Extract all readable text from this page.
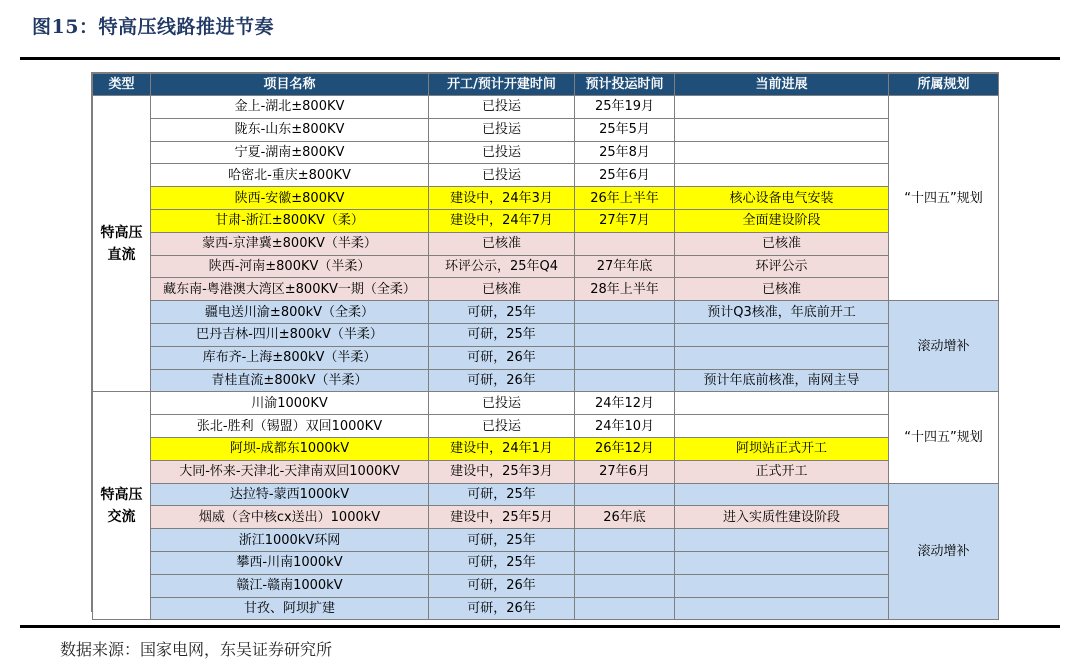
图15：特高压线路推进节奏
类型	项目名称	开工/预计开建时间	预计投运时间	当前进展	所属规划
特高压
直流	金上-湖北±800KV	已投运	25年19月		“十四五”规划
	陇东-山东±800KV	已投运	25年5月		
	宁夏-湖南±800KV	已投运	25年8月		
	哈密北-重庆±800KV	已投运	25年6月		
	陕西-安徽±800KV	建设中，24年3月	26年上半年	核心设备电气安装	
	甘肃-浙江±800KV（柔）	建设中，24年7月	27年7月	全面建设阶段	
	蒙西-京津冀±800KV（半柔）	已核准		已核准	
	陕西-河南±800KV（半柔）	环评公示，25年Q4	27年年底	环评公示	
	藏东南-粤港澳大湾区±800KV一期（全柔）	已核准	28年上半年	已核准	
	疆电送川渝±800kV（全柔）	可研，25年		预计Q3核准，年底前开工	滚动增补
	巴丹吉林-四川±800kV（半柔）	可研，25年			
	库布齐-上海±800kV（半柔）	可研，26年			
	青桂直流±800kV（半柔）	可研，26年		预计年底前核准，南网主导	
特高压
交流	川渝1000KV	已投运	24年12月		“十四五”规划
	张北-胜利（锡盟）双回1000KV	已投运	24年10月		
	阿坝-成都东1000kV	建设中，24年1月	26年12月	阿坝站正式开工	
	大同-怀来-天津北-天津南双回1000KV	建设中，25年3月	27年6月	正式开工	
	达拉特-蒙西1000kV	可研，25年			滚动增补
	烟威（含中核cx送出）1000kV	建设中，25年5月	26年底	进入实质性建设阶段	
	浙江1000kV环网	可研，25年			
	攀西-川南1000kV	可研，25年			
	赣江-赣南1000kV	可研，26年			
	甘孜、阿坝扩建	可研，26年			
数据来源：国家电网，东吴证券研究所
